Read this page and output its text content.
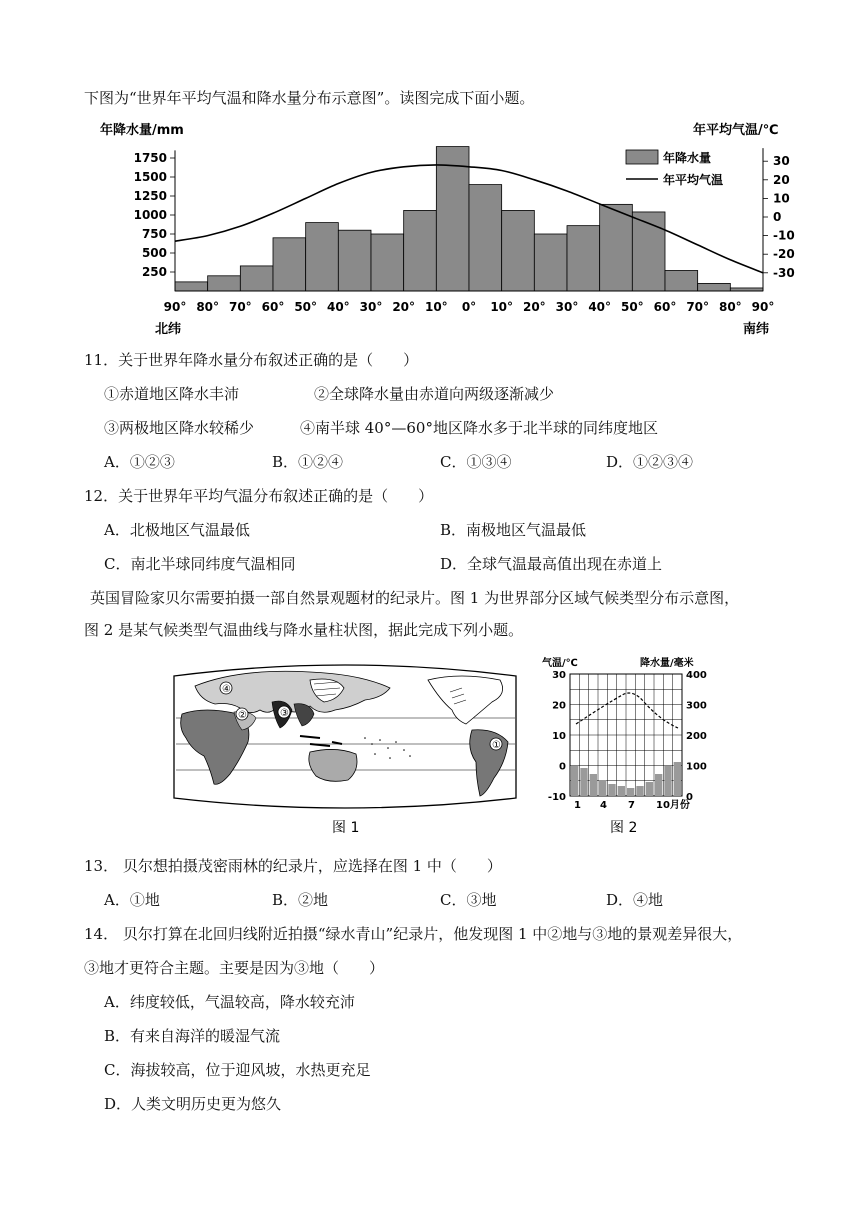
下图为“世界年平均气温和降水量分布示意图”。读图完成下面小题。
年降水量/mm	年平均气温/℃
1750
1500
1250
1000
750
500
250
30
20
10
0
-10
-20
-30
90° 80° 70° 60° 50° 40° 30° 20° 10° 0° 10° 20° 30° 40° 50° 60° 70° 80° 90°
年降水量
年平均气温
北纬	南纬
11．关于世界年降水量分布叙述正确的是（　　）
①赤道地区降水丰沛	②全球降水量由赤道向两级逐渐减少
③两极地区降水较稀少	④南半球 40°—60°地区降水多于北半球的同纬度地区
A．①②③	B．①②④	C．①③④	D．①②③④
12．关于世界年平均气温分布叙述正确的是（　　）
A．北极地区气温最低	B．南极地区气温最低
C．南北半球同纬度气温相同	D．全球气温最高值出现在赤道上
英国冒险家贝尔需要拍摄一部自然景观题材的纪录片。图 1 为世界部分区域气候类型分布示意图，
图 2 是某气候类型气温曲线与降水量柱状图，据此完成下列小题。
④
②	③
①
图 1
气温/℃	降水量/毫米
30
20
10
0
-10
400
300
200
100
0
1 4 7 10月份
图 2
13． 贝尔想拍摄茂密雨林的纪录片，应选择在图 1 中（　　）
A．①地	B．②地	C．③地	D．④地
14． 贝尔打算在北回归线附近拍摄“绿水青山”纪录片，他发现图 1 中②地与③地的景观差异很大，
③地才更符合主题。主要是因为③地（　　）
A．纬度较低，气温较高，降水较充沛
B．有来自海洋的暖湿气流
C．海拔较高，位于迎风坡，水热更充足
D．人类文明历史更为悠久
